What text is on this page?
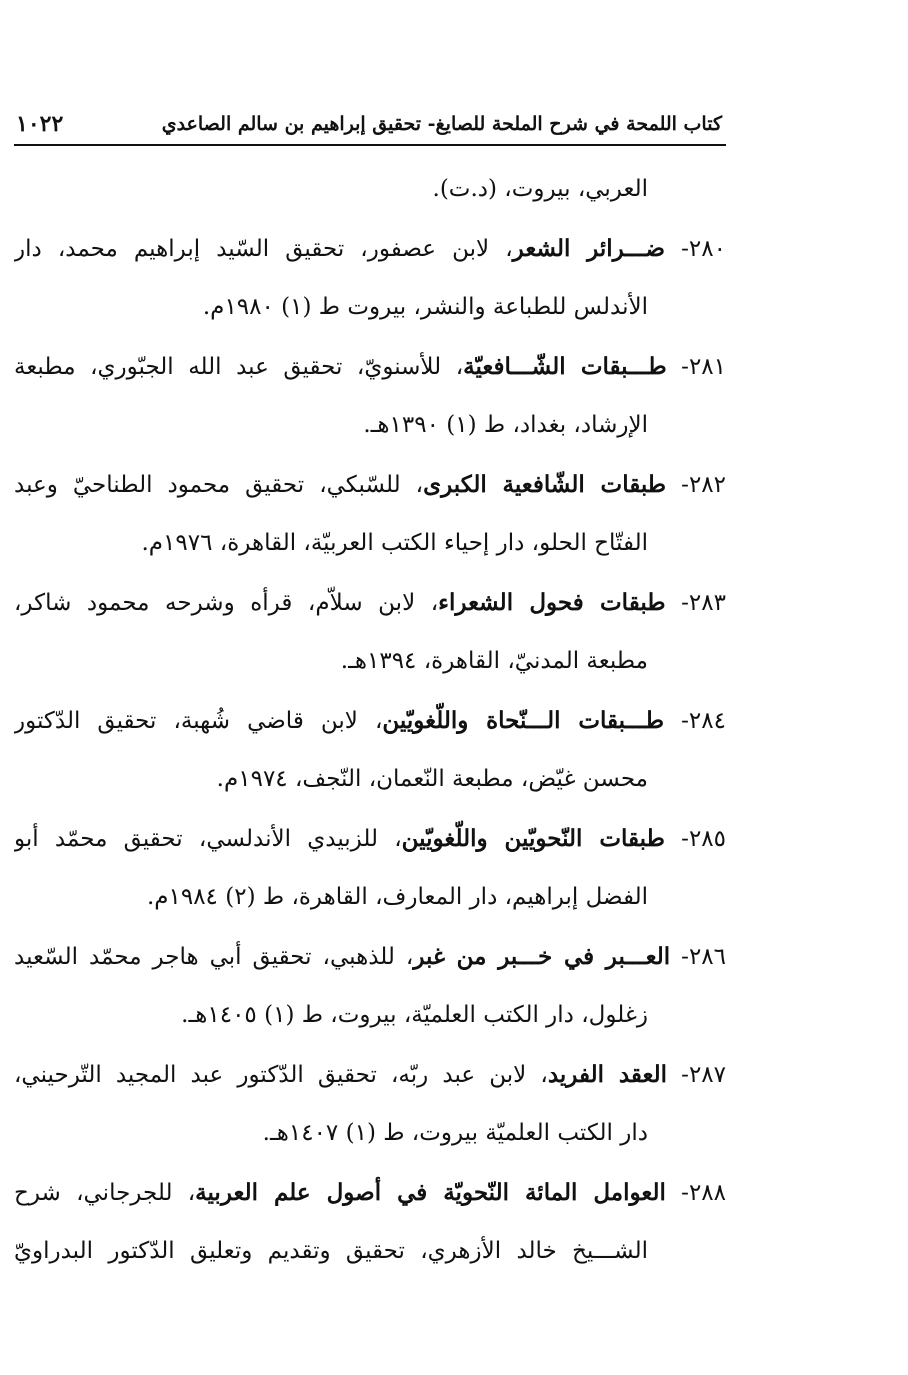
كتاب اللمحة في شرح الملحة للصايغ- تحقيق إبراهيم بن سالم الصاعدي
١٠٢٢
العربي، بيروت، (د.ت).
٢٨٠- ضـــرائر الشعر، لابن عصفور، تحقيق السّيد إبراهيم محمد، دار
الأندلس للطباعة والنشر، بيروت ط (١) ١٩٨٠م.
٢٨١- طـــبقات الشّـــافعيّة، للأسنويّ، تحقيق عبد الله الجبّوري، مطبعة
الإرشاد، بغداد، ط (١) ١٣٩٠هـ.
٢٨٢- طبقات الشّافعية الكبرى، للسّبكي، تحقيق محمود الطناحيّ وعبد
الفتّاح الحلو، دار إحياء الكتب العربيّة، القاهرة، ١٩٧٦م.
٢٨٣- طبقات فحول الشعراء، لابن سلاّم، قرأه وشرحه محمود شاكر،
مطبعة المدنيّ، القاهرة، ١٣٩٤هـ.
٢٨٤- طـــبقات الـــنّحاة واللّغويّين، لابن قاضي شُهبة، تحقيق الدّكتور
محسن غيّض، مطبعة النّعمان، النّجف، ١٩٧٤م.
٢٨٥- طبقات النّحويّين واللّغويّين، للزبيدي الأندلسي، تحقيق محمّد أبو
الفضل إبراهيم، دار المعارف، القاهرة، ط (٢) ١٩٨٤م.
٢٨٦- العـــبر في خـــبر من غبر، للذهبي، تحقيق أبي هاجر محمّد السّعيد
زغلول، دار الكتب العلميّة، بيروت، ط (١) ١٤٠٥هـ.
٢٨٧- العقد الفريد، لابن عبد ربّه، تحقيق الدّكتور عبد المجيد التّرحيني،
دار الكتب العلميّة بيروت، ط (١) ١٤٠٧هـ.
٢٨٨- العوامل المائة النّحويّة في أصول علم العربية، للجرجاني، شرح
الشـــيخ خالد الأزهري، تحقيق وتقديم وتعليق الدّكتور البدراويّ
